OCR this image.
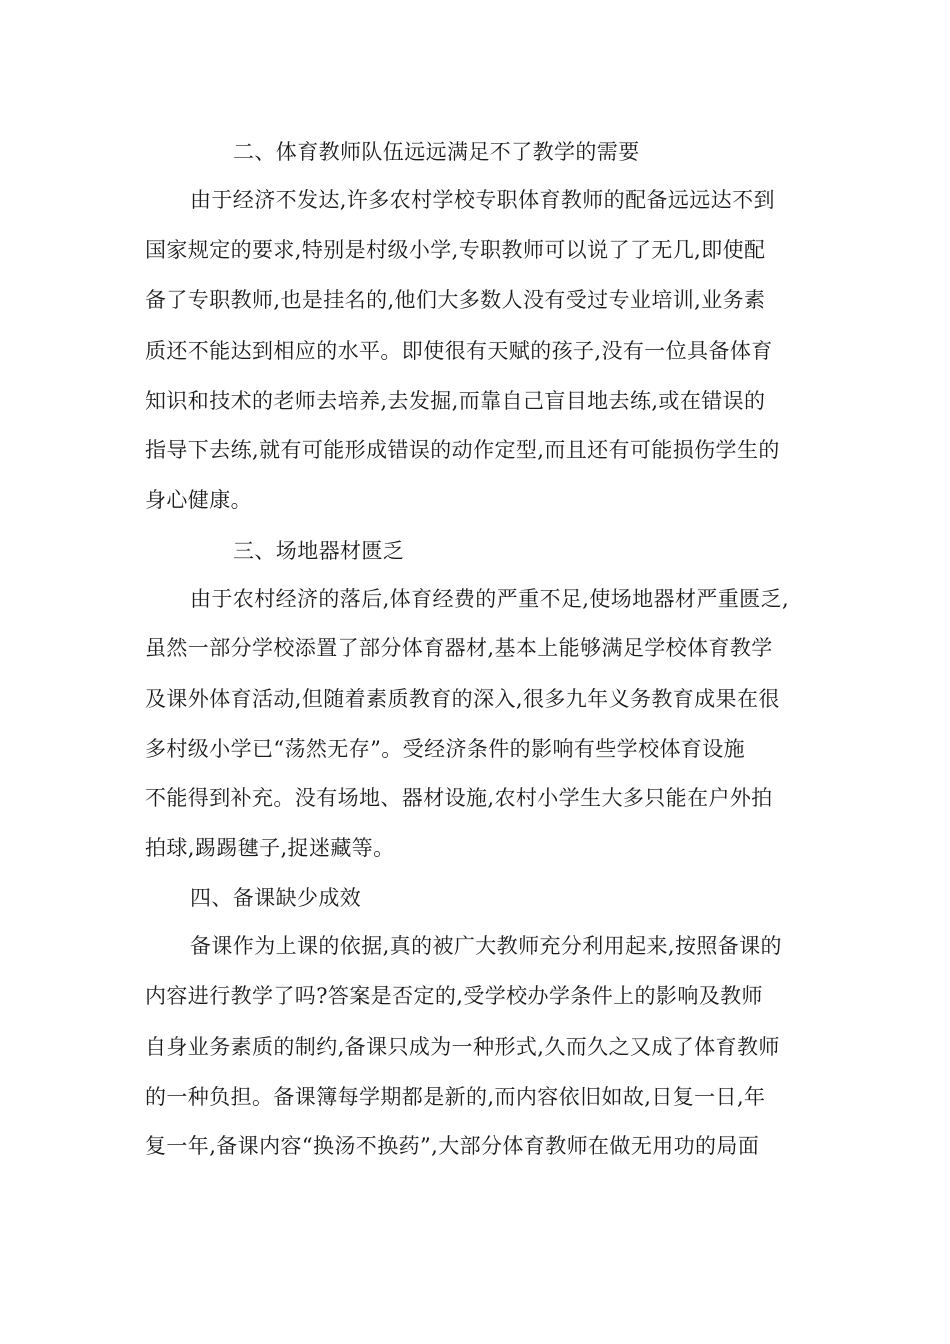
二、体育教师队伍远远满足不了教学的需要
由于经济不发达,许多农村学校专职体育教师的配备远远达不到
国家规定的要求,特别是村级小学,专职教师可以说了了无几,即使配
备了专职教师,也是挂名的,他们大多数人没有受过专业培训,业务素
质还不能达到相应的水平。即使很有天赋的孩子,没有一位具备体育
知识和技术的老师去培养,去发掘,而靠自己盲目地去练,或在错误的
指导下去练,就有可能形成错误的动作定型,而且还有可能损伤学生的
身心健康。
三、场地器材匮乏
由于农村经济的落后,体育经费的严重不足,使场地器材严重匮乏,
虽然一部分学校添置了部分体育器材,基本上能够满足学校体育教学
及课外体育活动,但随着素质教育的深入,很多九年义务教育成果在很
多村级小学已“荡然无存”。受经济条件的影响有些学校体育设施
不能得到补充。没有场地、器材设施,农村小学生大多只能在户外拍
拍球,踢踢毽子,捉迷藏等。
四、备课缺少成效
备课作为上课的依据,真的被广大教师充分利用起来,按照备课的
内容进行教学了吗?答案是否定的,受学校办学条件上的影响及教师
自身业务素质的制约,备课只成为一种形式,久而久之又成了体育教师
的一种负担。备课簿每学期都是新的,而内容依旧如故,日复一日,年
复一年,备课内容“换汤不换药”,大部分体育教师在做无用功的局面
